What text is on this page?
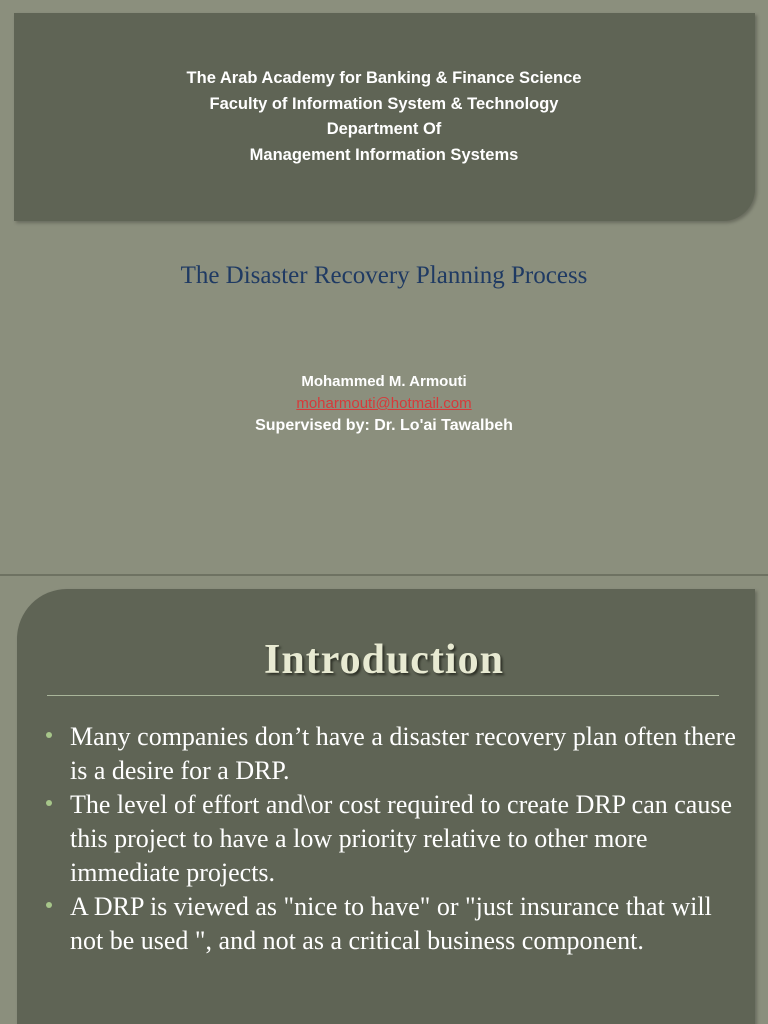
The Arab Academy for Banking & Finance Science
Faculty of Information System & Technology
Department Of
Management Information Systems
The Disaster Recovery Planning Process
Mohammed M. Armouti
moharmouti@hotmail.com
Supervised by: Dr. Lo'ai Tawalbeh
Introduction
Many companies don’t have a disaster recovery plan often there is a desire for a DRP.
The level of effort and\or cost required to create DRP can cause this project to have a low priority relative to other more immediate projects.
A DRP is viewed as "nice to have" or "just insurance that will not be used ", and not as a critical business component.
